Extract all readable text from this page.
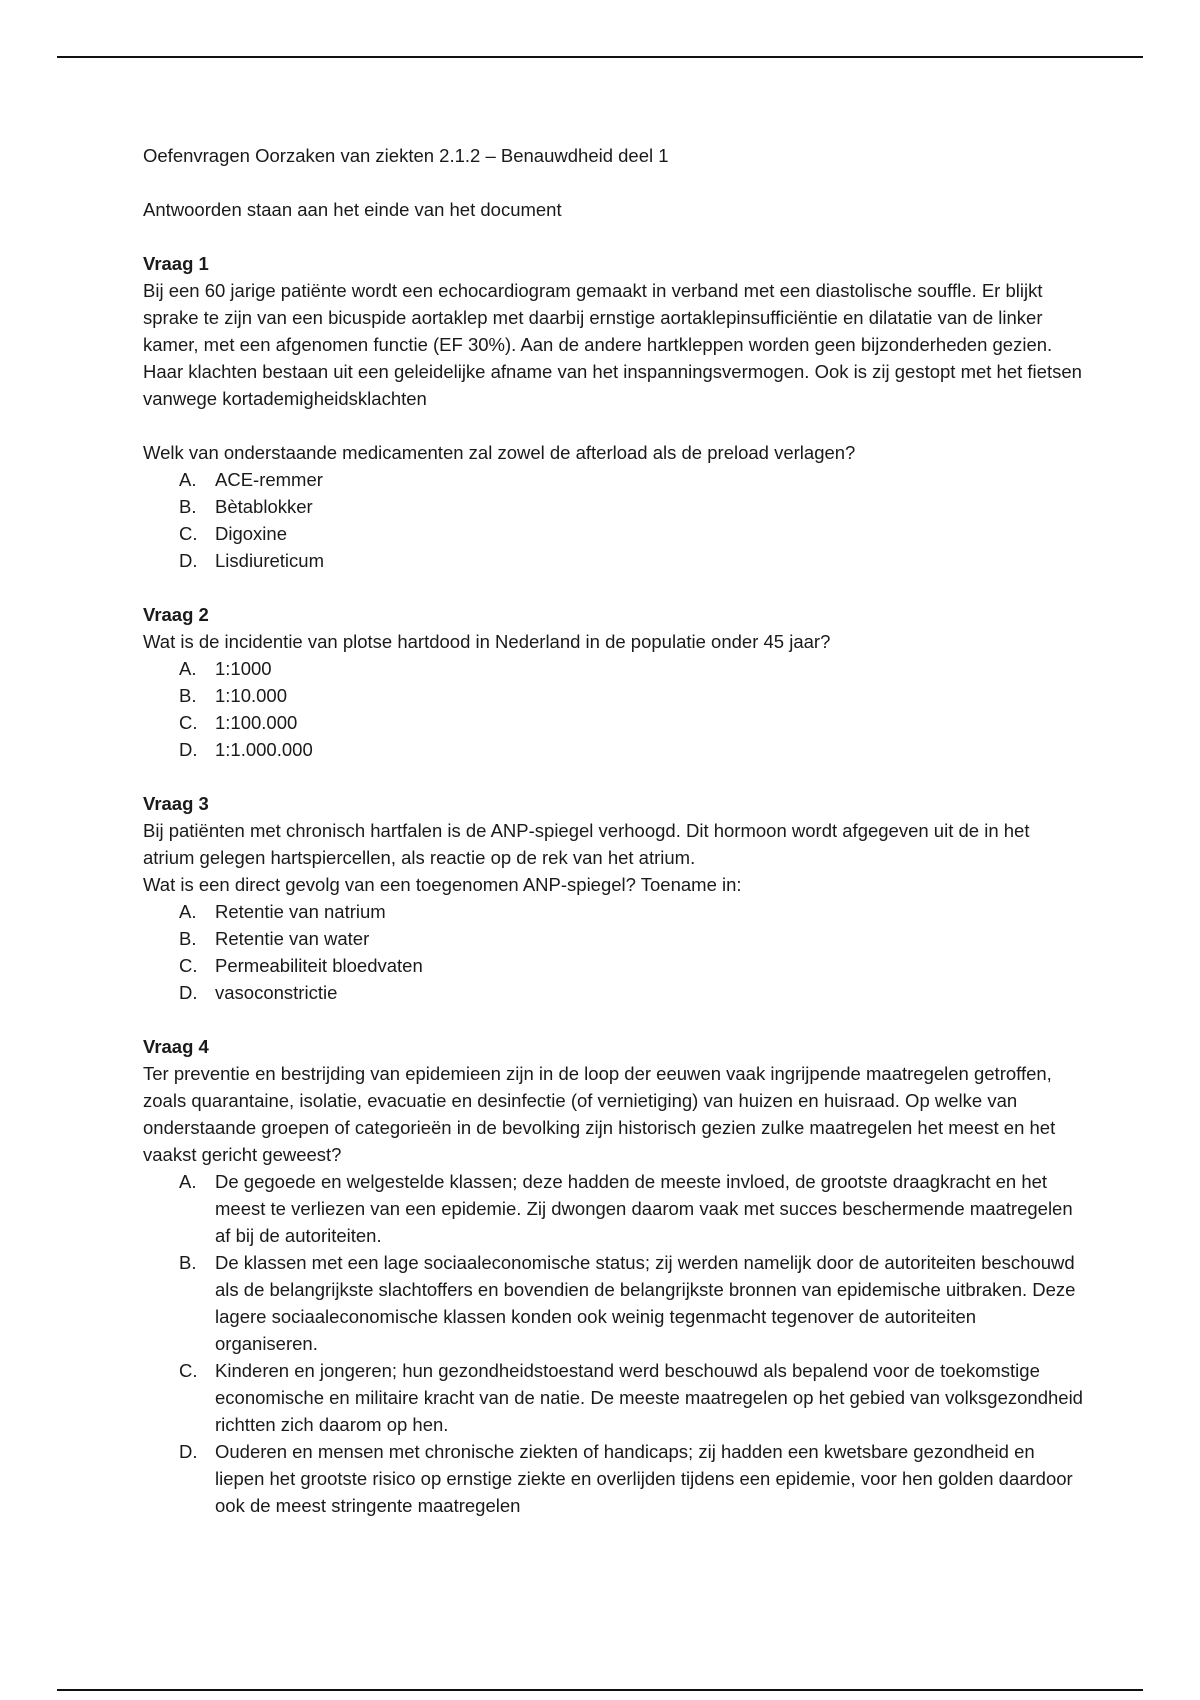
Oefenvragen Oorzaken van ziekten 2.1.2 – Benauwdheid deel 1

Antwoorden staan aan het einde van het document

Vraag 1

Bij een 60 jarige patiënte wordt een echocardiogram gemaakt in verband met een diastolische souffle. Er blijkt sprake te zijn van een bicuspide aortaklep met daarbij ernstige aortaklepinsufficiëntie en dilatatie van de linker kamer, met een afgenomen functie (EF 30%). Aan de andere hartkleppen worden geen bijzonderheden gezien. Haar klachten bestaan uit een geleidelijke afname van het inspanningsvermogen. Ook is zij gestopt met het fietsen vanwege kortademigheidsklachten

Welk van onderstaande medicamenten zal zowel de afterload als de preload verlagen?

A.	ACE-remmer
B.	Bètablokker
C. Digoxine
D. Lisdiureticum

Vraag 2

Wat is de incidentie van plotse hartdood in Nederland in de populatie onder 45 jaar?

A.	1:1000
B.	1:10.000
C. 1:100.000
D. 1:1.000.000

Vraag 3

Bij patiënten met chronisch hartfalen is de ANP-spiegel verhoogd. Dit hormoon wordt afgegeven uit de in het atrium gelegen hartspiercellen, als reactie op de rek van het atrium.

Wat is een direct gevolg van een toegenomen ANP-spiegel? Toename in:

A.	Retentie van natrium
B.	Retentie van water
C. Permeabiliteit bloedvaten
D. vasoconstrictie

Vraag 4

Ter preventie en bestrijding van epidemieen zijn in de loop der eeuwen vaak ingrijpende maatregelen getroffen, zoals quarantaine, isolatie, evacuatie en desinfectie (of vernietiging) van huizen en huisraad. Op welke van onderstaande groepen of categorieën in de bevolking zijn historisch gezien zulke maatregelen het meest en het vaakst gericht geweest?

A.	De gegoede en welgestelde klassen; deze hadden de meeste invloed, de grootste draagkracht en het meest te verliezen van een epidemie. Zij dwongen daarom vaak met succes beschermende maatregelen af bij de autoriteiten.
B.	De klassen met een lage sociaaleconomische status; zij werden namelijk door de autoriteiten beschouwd als de belangrijkste slachtoffers en bovendien de belangrijkste bronnen van epidemische uitbraken. Deze lagere sociaaleconomische klassen konden ook weinig tegenmacht tegenover de autoriteiten organiseren.
C. Kinderen en jongeren; hun gezondheidstoestand werd beschouwd als bepalend voor de toekomstige economische en militaire kracht van de natie. De meeste maatregelen op het gebied van volksgezondheid richtten zich daarom op hen.
D. Ouderen en mensen met chronische ziekten of handicaps; zij hadden een kwetsbare gezondheid en liepen het grootste risico op ernstige ziekte en overlijden tijdens een epidemie, voor hen golden daardoor ook de meest stringente maatregelen
